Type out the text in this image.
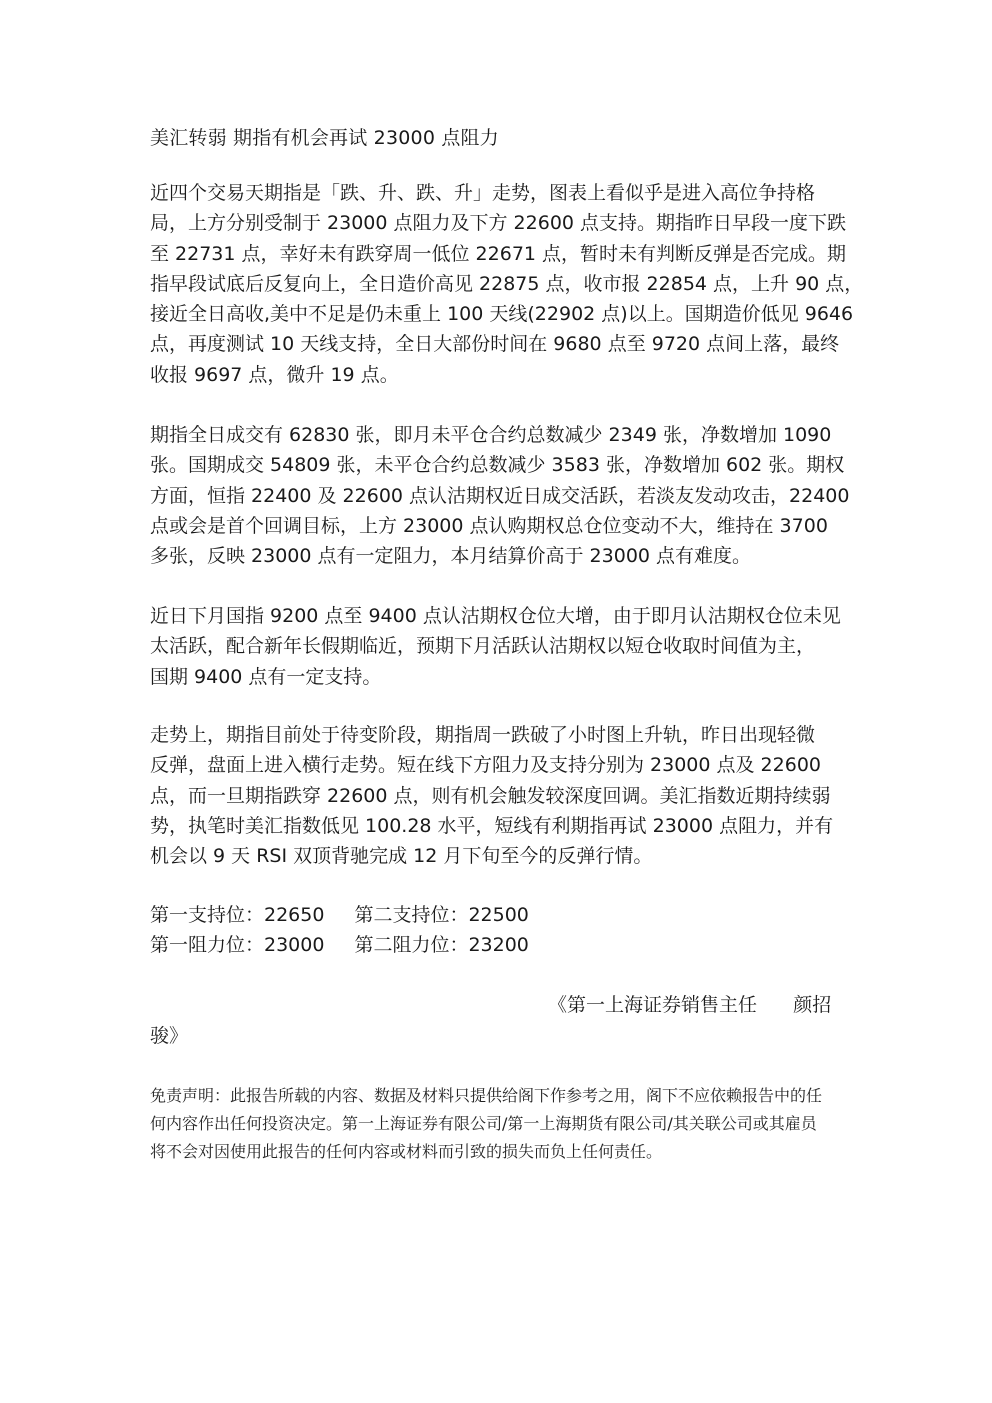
美汇转弱 期指有机会再试 23000 点阻力
近四个交易天期指是「跌、升、跌、升」走势，图表上看似乎是进入高位争持格
局，上方分别受制于 23000 点阻力及下方 22600 点支持。期指昨日早段一度下跌
至 22731 点，幸好未有跌穿周一低位 22671 点，暂时未有判断反弹是否完成。期
指早段试底后反复向上，全日造价高见 22875 点，收市报 22854 点，上升 90 点，
接近全日高收,美中不足是仍未重上 100 天线(22902 点)以上。国期造价低见 9646
点，再度测试 10 天线支持，全日大部份时间在 9680 点至 9720 点间上落，最终
收报 9697 点，微升 19 点。
期指全日成交有 62830 张，即月未平仓合约总数减少 2349 张，净数增加 1090
张。国期成交 54809 张，未平仓合约总数减少 3583 张，净数增加 602 张。期权
方面，恒指 22400 及 22600 点认沽期权近日成交活跃，若淡友发动攻击，22400
点或会是首个回调目标，上方 23000 点认购期权总仓位变动不大，维持在 3700
多张，反映 23000 点有一定阻力，本月结算价高于 23000 点有难度。
近日下月国指 9200 点至 9400 点认沽期权仓位大增，由于即月认沽期权仓位未见
太活跃，配合新年长假期临近，预期下月活跃认沽期权以短仓收取时间值为主，
国期 9400 点有一定支持。
走势上，期指目前处于待变阶段，期指周一跌破了小时图上升轨，昨日出现轻微
反弹，盘面上进入横行走势。短在线下方阻力及支持分别为 23000 点及 22600
点，而一旦期指跌穿 22600 点，则有机会触发较深度回调。美汇指数近期持续弱
势，执笔时美汇指数低见 100.28 水平，短线有利期指再试 23000 点阻力，并有
机会以 9 天 RSI 双顶背驰完成 12 月下旬至今的反弹行情。
第一支持位：22650 第二支持位：22500
第一阻力位：23000 第二阻力位：23200
《第一上海证券销售主任      颜招
骏》
免责声明：此报告所载的内容、数据及材料只提供给阁下作参考之用，阁下不应依赖报告中的任
何内容作出任何投资决定。第一上海证券有限公司/第一上海期货有限公司/其关联公司或其雇员
将不会对因使用此报告的任何内容或材料而引致的损失而负上任何责任。
